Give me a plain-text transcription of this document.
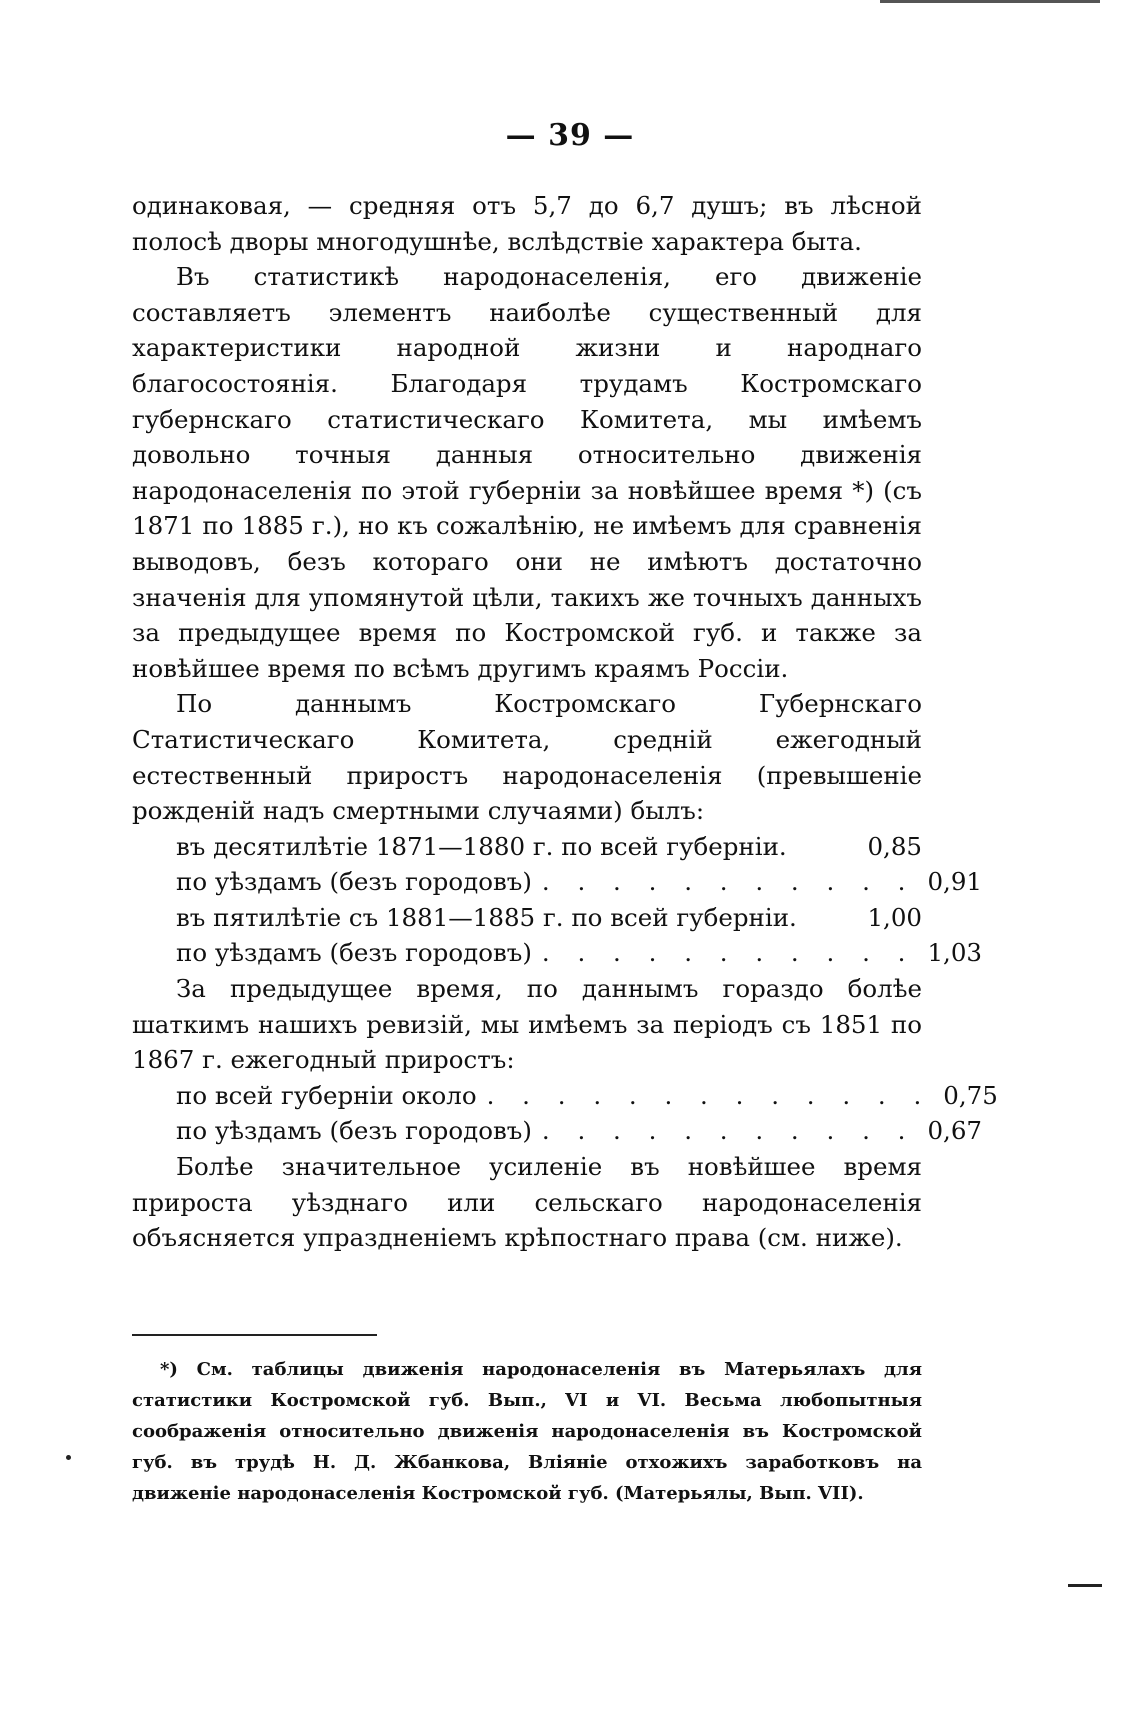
— 39 —

одинаковая, — средняя отъ 5,7 до 6,7 душъ; въ лѣсной полосѣ дворы многодушнѣе, вслѣдствіе характера быта.

Въ статистикѣ народонаселенія, его движеніе составляетъ элементъ наиболѣе существенный для характеристики народной жизни и народнаго благосостоянія. Благодаря трудамъ Костромскаго губернскаго статистическаго Комитета, мы имѣемъ довольно точныя данныя относительно движенія народонаселенія по этой губерніи за новѣйшее время *) (съ 1871 по 1885 г.), но къ сожалѣнію, не имѣемъ для сравненія выводовъ, безъ котораго они не имѣютъ достаточно значенія для упомянутой цѣли, такихъ же точныхъ данныхъ за предыдущее время по Костромской губ. и также за новѣйшее время по всѣмъ другимъ краямъ Россіи.

По даннымъ Костромскаго Губернскаго Статистическаго Комитета, средній ежегодный естественный приростъ народонаселенія (превышеніе рожденій надъ смертными случаями) былъ:

въ десятилѣтіе 1871—1880 г. по всей губерніи.	0,85
по уѣздамъ (безъ городовъ) . . . . . . . . . . . 0,91
въ пятилѣтіе съ 1881—1885 г. по всей губерніи.	1,00
по уѣздамъ (безъ городовъ) . . . . . . . . . . . 1,03

За предыдущее время, по даннымъ гораздо болѣе шаткимъ нашихъ ревизій, мы имѣемъ за періодъ съ 1851 по 1867 г. ежегодный приростъ:

по всей губерніи около . . . . . . . . . . . . . 0,75
по уѣздамъ (безъ городовъ) . . . . . . . . . . . 0,67

Болѣе значительное усиленіе въ новѣйшее время прироста уѣзднаго или сельскаго народонаселенія объясняется упраздненіемъ крѣпостнаго права (см. ниже).

*) См. таблицы движенія народонаселенія въ Матерьялахъ для статистики Костромской губ. Вып., VI и VI. Весьма любопытныя соображенія относительно движенія народонаселенія въ Костромской губ. въ трудѣ Н. Д. Жбанкова, Вліяніе отхожихъ заработковъ на движеніе народонаселенія Костромской губ. (Матерьялы, Вып. VII).
